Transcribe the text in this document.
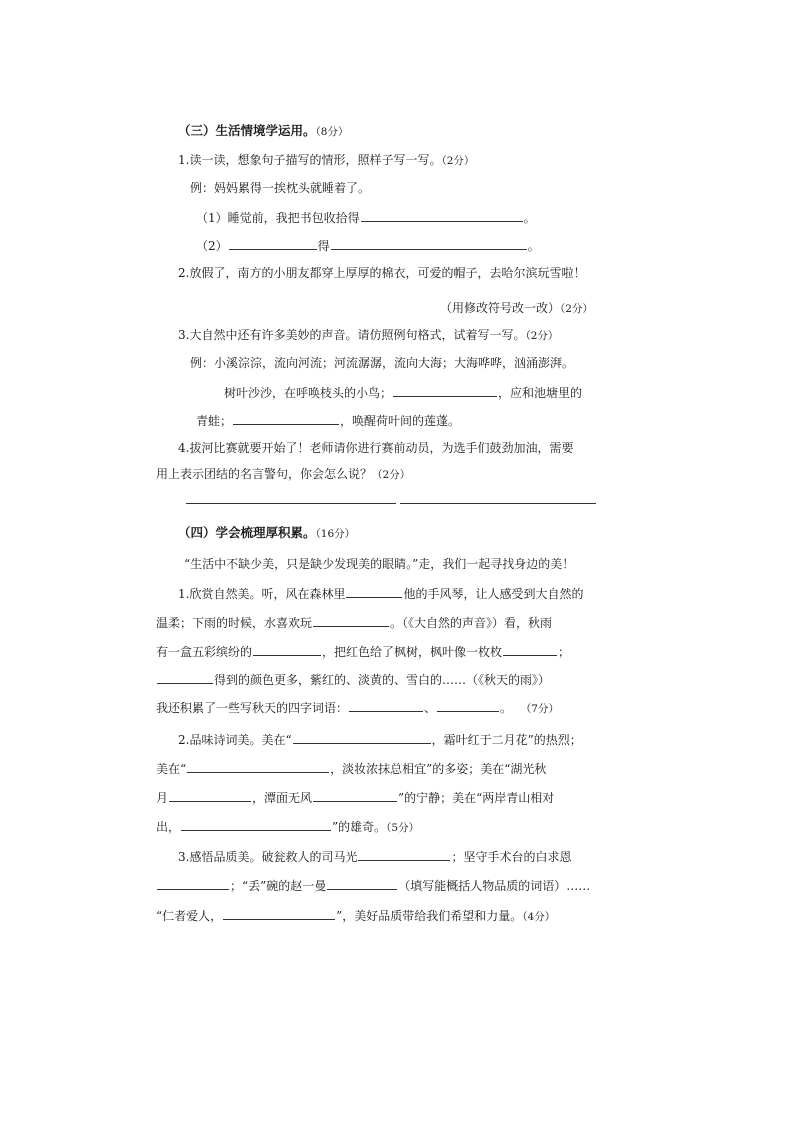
（三）生活情境学运用。（8分）
1.读一读，想象句子描写的情形，照样子写一写。（2分）
例：妈妈累得一挨枕头就睡着了。
（1）睡觉前，我把书包收拾得	。
（2）	得	。
2.放假了，南方的小朋友都穿上厚厚的棉衣，可爱的帽子，去哈尔滨玩雪啦！
（用修改符号改一改）（2分）
3.大自然中还有许多美妙的声音。请仿照例句格式，试着写一写。（2分）
例：小溪淙淙，流向河流；河流潺潺，流向大海；大海哗哗，汹涌澎湃。
树叶沙沙，在呼唤枝头的小鸟；	，应和池塘里的
青蛙；	，唤醒荷叶间的莲蓬。
4.拔河比赛就要开始了！老师请你进行赛前动员，为选手们鼓劲加油，需要
用上表示团结的名言警句，你会怎么说？（2分）
（四）学会梳理厚积累。（16分）
“生活中不缺少美，只是缺少发现美的眼睛。”走，我们一起寻找身边的美！
1.欣赏自然美。听，风在森林里	他的手风琴，让人感受到大自然的
温柔；下雨的时候，水喜欢玩	。（《大自然的声音》）看，秋雨
有一盒五彩缤纷的	，把红色给了枫树，枫叶像一枚枚	；
得到的颜色更多，紫红的、淡黄的、雪白的……（《秋天的雨》）
我还积累了一些写秋天的四字词语：	、	。 （7分）
2.品味诗词美。美在“	，霜叶红于二月花”的热烈；
美在“	，淡妆浓抹总相宜”的多姿；美在“湖光秋
月	，潭面无风	”的宁静；美在“两岸青山相对
出，	”的雄奇。（5分）
3.感悟品质美。破瓮救人的司马光	；坚守手术台的白求恩
；“丢”碗的赵一曼	（填写能概括人物品质的词语）……
“仁者爱人，	”，美好品质带给我们希望和力量。（4分）
